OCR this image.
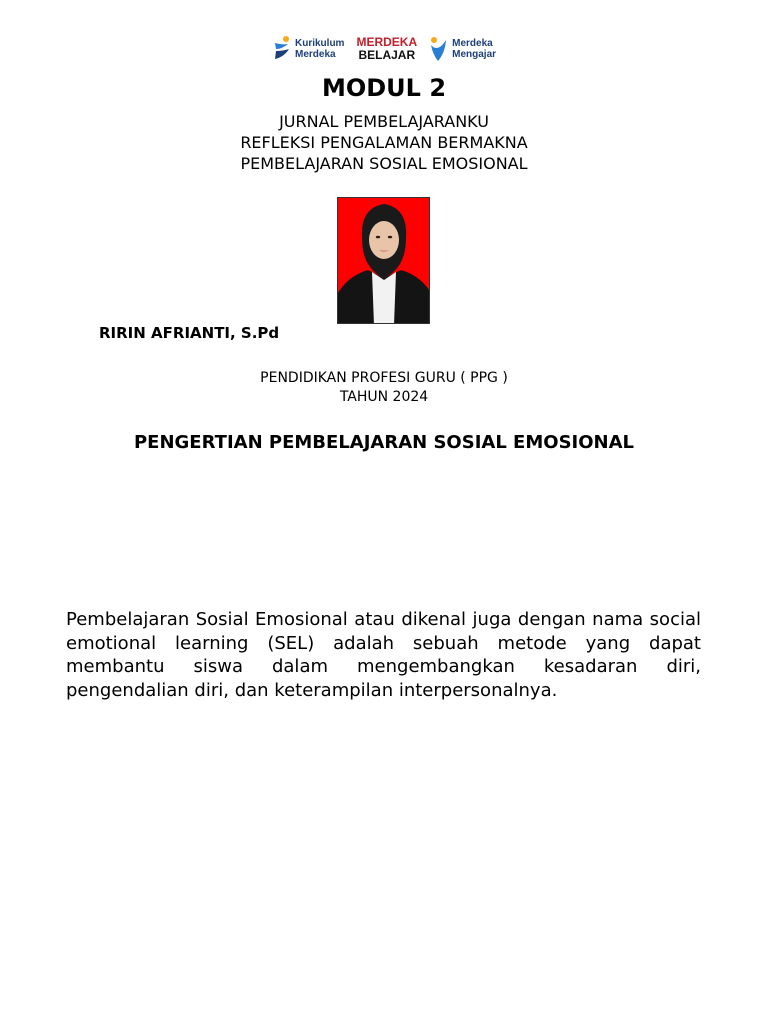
Kurikulum
Merdeka
MERDEKA
BELAJAR
Merdeka
Mengajar
MODUL 2
JURNAL PEMBELAJARANKU
REFLEKSI PENGALAMAN BERMAKNA
PEMBELAJARAN SOSIAL EMOSIONAL
RIRIN AFRIANTI, S.Pd
PENDIDIKAN PROFESI GURU ( PPG )
TAHUN 2024
PENGERTIAN PEMBELAJARAN SOSIAL EMOSIONAL
Pembelajaran Sosial Emosional atau dikenal juga dengan nama social emotional learning (SEL) adalah sebuah metode yang dapat membantu siswa dalam mengembangkan kesadaran diri, pengendalian diri, dan keterampilan interpersonalnya.
